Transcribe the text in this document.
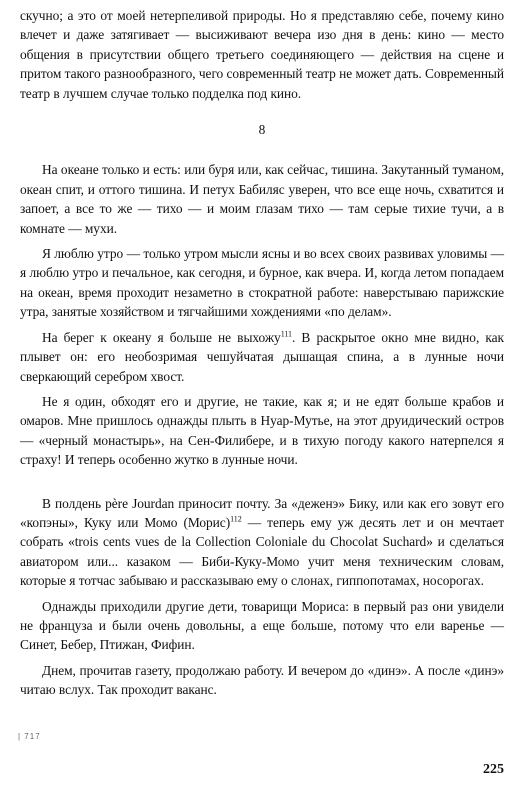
скучно; а это от моей нетерпеливой природы. Но я представляю себе, почему кино влечет и даже затягивает — высиживают вечера изо дня в день: кино — место общения в присутствии общего третьего соединяющего — действия на сцене и притом такого разнообразного, чего современный театр не может дать. Современный театр в лучшем случае только подделка под кино.

8

На океане только и есть: или буря или, как сейчас, тишина. Закутанный туманом, океан спит, и оттого тишина. И петух Бабиляс уверен, что все еще ночь, схватится и запоет, а все то же — тихо — и моим глазам тихо — там серые тихие тучи, а в комнате — мухи.

Я люблю утро — только утром мысли ясны и во всех своих развивах уловимы — я люблю утро и печальное, как сегодня, и бурное, как вчера. И, когда летом попадаем на океан, время проходит незаметно в стократной работе: наверстываю парижские утра, занятые хозяйством и тягчайшими хождениями «по делам».

На берег к океану я больше не выхожу$^{111}$. В раскрытое окно мне видно, как плывет он: его необозримая чешуйчатая дышащая спина, а в лунные ночи сверкающий серебром хвост.

Не я один, обходят его и другие, не такие, как я; и не едят больше крабов и омаров. Мне пришлось однажды плыть в Нуар-Мутье, на этот друидический остров — «черный монастырь», на Сен-Филибере, и в тихую погоду какого натерпелся я страху! И теперь особенно жутко в лунные ночи.

В полдень père Jourdan приносит почту. За «деженэ» Бику, или как его зовут его «копэны», Куку или Момо (Морис)$^{112}$ — теперь ему уж десять лет и он мечтает собрать «trois cents vues de la Collection Coloniale du Chocolat Suchard» и сделаться авиатором или... казаком — Биби-Куку-Момо учит меня техническим словам, которые я тотчас забываю и рассказываю ему о слонах, гиппопотамах, носорогах.

Однажды приходили другие дети, товарищи Мориса: в первый раз они увидели не француза и были очень довольны, а еще больше, потому что ели варенье — Синет, Бебер, Птижан, Фифин.

Днем, прочитав газету, продолжаю работу. И вечером до «динэ». А после «динэ» читаю вслух. Так проходит ваканс.

| 717
225
